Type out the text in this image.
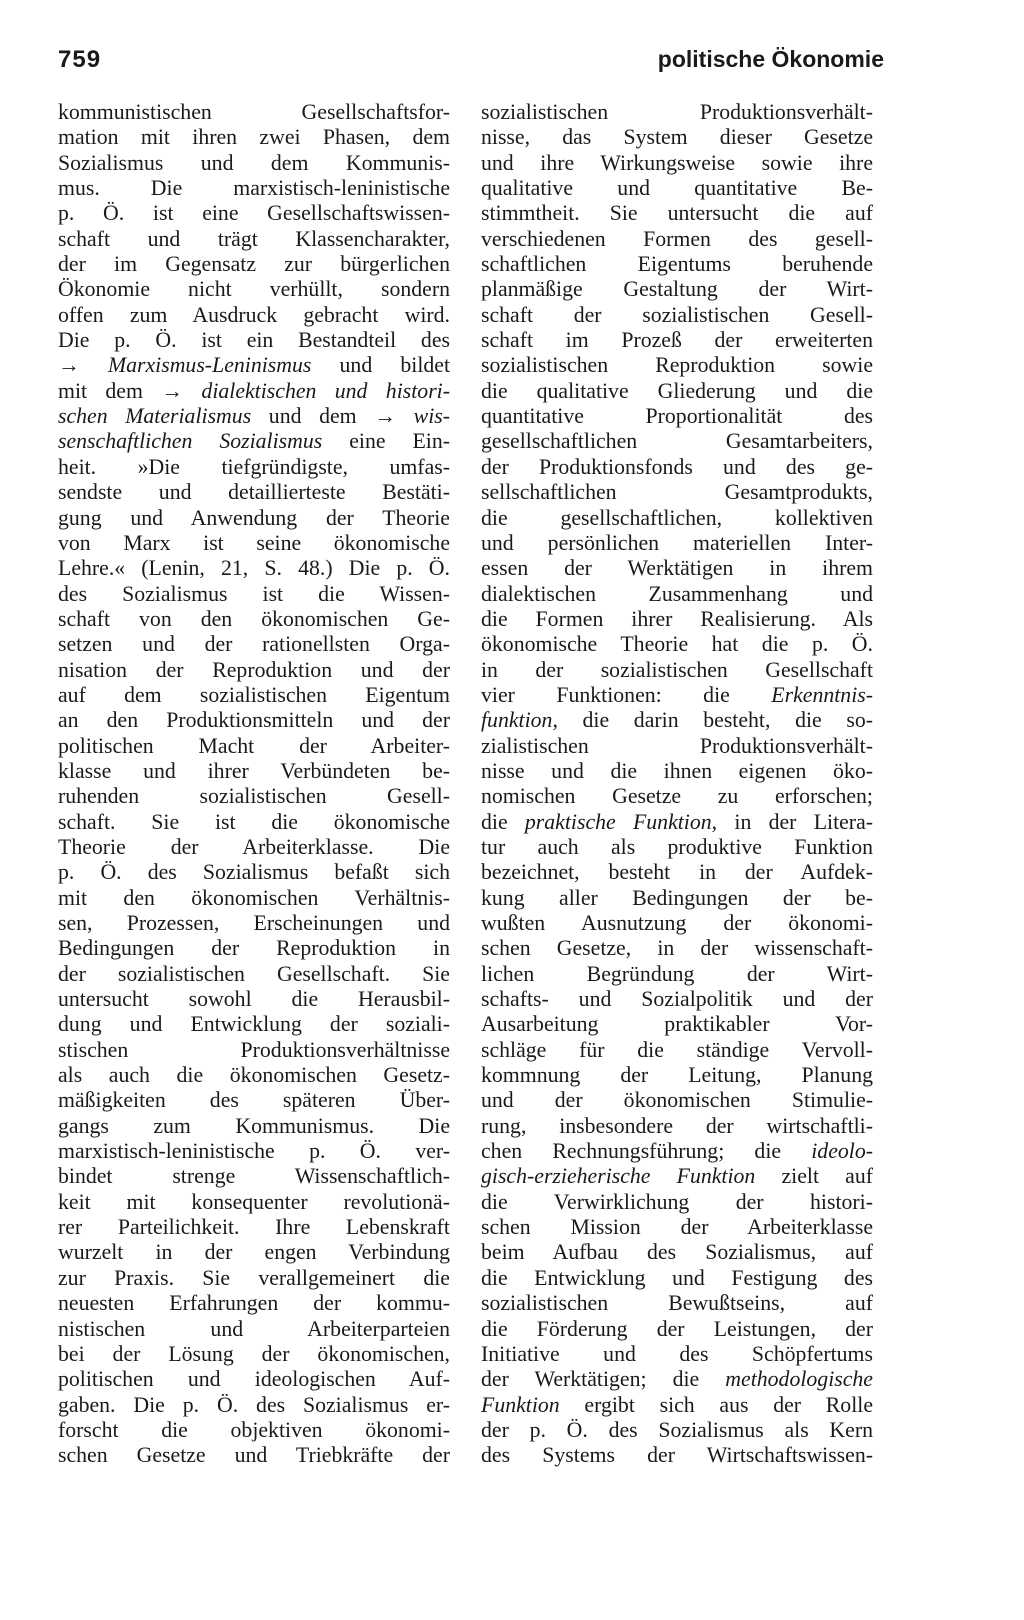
759	politische Ökonomie
kommunistischen Gesellschaftsfor-
mation mit ihren zwei Phasen, dem
Sozialismus und dem Kommunis-
mus. Die marxistisch-leninistische
p. Ö. ist eine Gesellschaftswissen-
schaft und trägt Klassencharakter,
der im Gegensatz zur bürgerlichen
Ökonomie nicht verhüllt, sondern
offen zum Ausdruck gebracht wird.
Die p. Ö. ist ein Bestandteil des
→ Marxismus-Leninismus und bildet
mit dem → dialektischen und histori-
schen Materialismus und dem → wis-
senschaftlichen Sozialismus eine Ein-
heit. »Die tiefgründigste, umfas-
sendste und detaillierteste Bestäti-
gung und Anwendung der Theorie
von Marx ist seine ökonomische
Lehre.« (Lenin, 21, S. 48.) Die p. Ö.
des Sozialismus ist die Wissen-
schaft von den ökonomischen Ge-
setzen und der rationellsten Orga-
nisation der Reproduktion und der
auf dem sozialistischen Eigentum
an den Produktionsmitteln und der
politischen Macht der Arbeiter-
klasse und ihrer Verbündeten be-
ruhenden sozialistischen Gesell-
schaft. Sie ist die ökonomische
Theorie der Arbeiterklasse. Die
p. Ö. des Sozialismus befaßt sich
mit den ökonomischen Verhältnis-
sen, Prozessen, Erscheinungen und
Bedingungen der Reproduktion in
der sozialistischen Gesellschaft. Sie
untersucht sowohl die Herausbil-
dung und Entwicklung der soziali-
stischen Produktionsverhältnisse
als auch die ökonomischen Gesetz-
mäßigkeiten des späteren Über-
gangs zum Kommunismus. Die
marxistisch-leninistische p. Ö. ver-
bindet strenge Wissenschaftlich-
keit mit konsequenter revolutionä-
rer Parteilichkeit. Ihre Lebenskraft
wurzelt in der engen Verbindung
zur Praxis. Sie verallgemeinert die
neuesten Erfahrungen der kommu-
nistischen und Arbeiterparteien
bei der Lösung der ökonomischen,
politischen und ideologischen Auf-
gaben. Die p. Ö. des Sozialismus er-
forscht die objektiven ökonomi-
schen Gesetze und Triebkräfte der
sozialistischen Produktionsverhält-
nisse, das System dieser Gesetze
und ihre Wirkungsweise sowie ihre
qualitative und quantitative Be-
stimmtheit. Sie untersucht die auf
verschiedenen Formen des gesell-
schaftlichen Eigentums beruhende
planmäßige Gestaltung der Wirt-
schaft der sozialistischen Gesell-
schaft im Prozeß der erweiterten
sozialistischen Reproduktion sowie
die qualitative Gliederung und die
quantitative Proportionalität des
gesellschaftlichen Gesamtarbeiters,
der Produktionsfonds und des ge-
sellschaftlichen Gesamtprodukts,
die gesellschaftlichen, kollektiven
und persönlichen materiellen Inter-
essen der Werktätigen in ihrem
dialektischen Zusammenhang und
die Formen ihrer Realisierung. Als
ökonomische Theorie hat die p. Ö.
in der sozialistischen Gesellschaft
vier Funktionen: die Erkenntnis-
funktion, die darin besteht, die so-
zialistischen Produktionsverhält-
nisse und die ihnen eigenen öko-
nomischen Gesetze zu erforschen;
die praktische Funktion, in der Litera-
tur auch als produktive Funktion
bezeichnet, besteht in der Aufdek-
kung aller Bedingungen der be-
wußten Ausnutzung der ökonomi-
schen Gesetze, in der wissenschaft-
lichen Begründung der Wirt-
schafts- und Sozialpolitik und der
Ausarbeitung praktikabler Vor-
schläge für die ständige Vervoll-
kommnung der Leitung, Planung
und der ökonomischen Stimulie-
rung, insbesondere der wirtschaftli-
chen Rechnungsführung; die ideolo-
gisch-erzieherische Funktion zielt auf
die Verwirklichung der histori-
schen Mission der Arbeiterklasse
beim Aufbau des Sozialismus, auf
die Entwicklung und Festigung des
sozialistischen Bewußtseins, auf
die Förderung der Leistungen, der
Initiative und des Schöpfertums
der Werktätigen; die methodologische
Funktion ergibt sich aus der Rolle
der p. Ö. des Sozialismus als Kern
des Systems der Wirtschaftswissen-
